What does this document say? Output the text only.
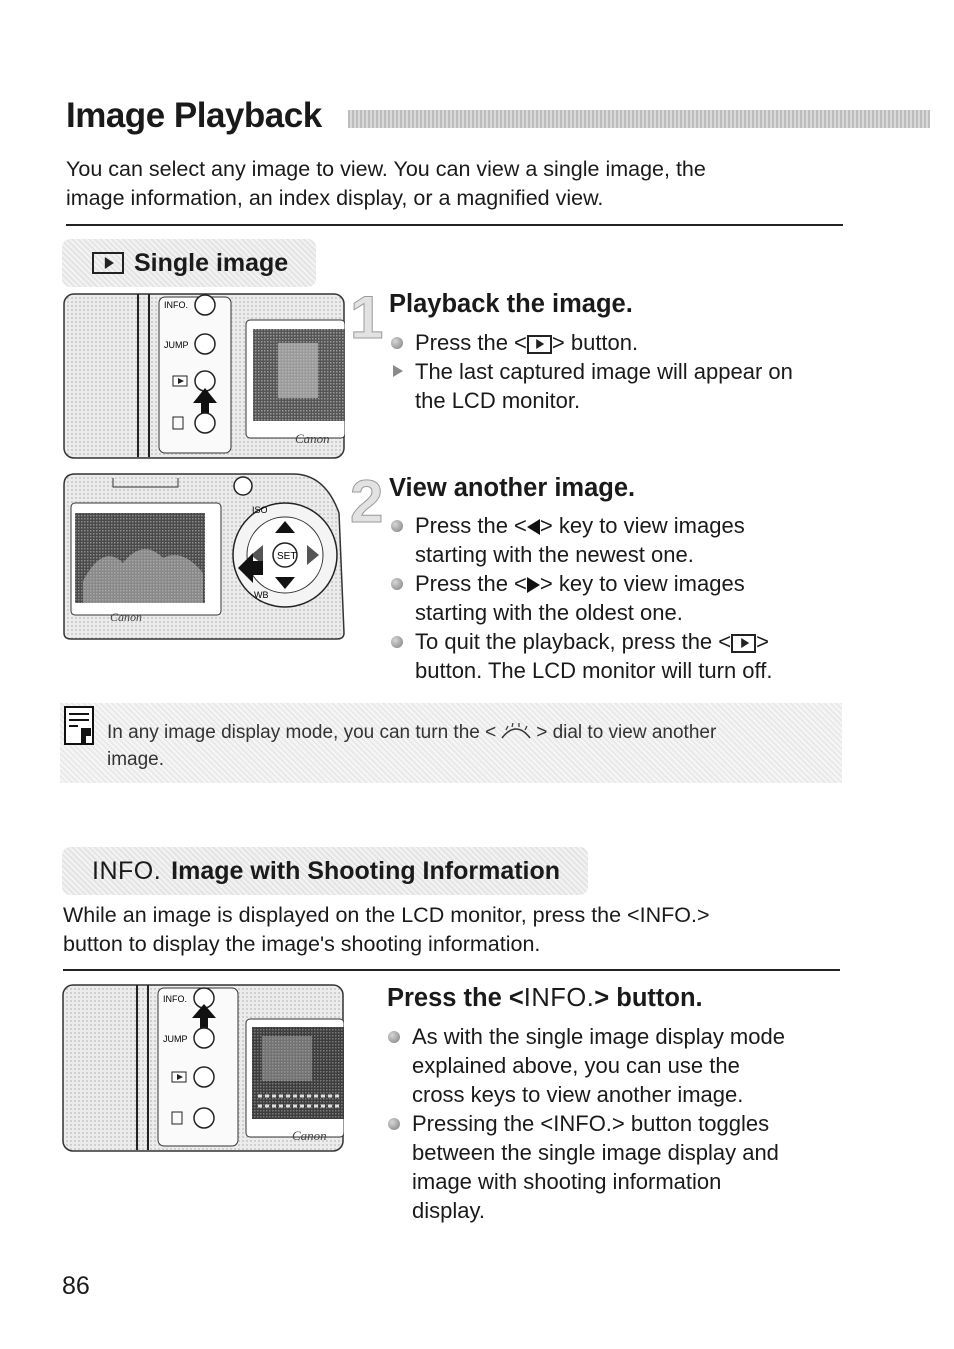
Image Playback
You can select any image to view. You can view a single image, the
image information, an index display, or a magnified view.
Single image
INFO.
JUMP
Canon
1 Playback the image.
Press the < > button.
The last captured image will appear on
the LCD monitor.
Canon
SET
ISO
WB
2 View another image.
Press the < > key to view images
starting with the newest one.
Press the < > key to view images
starting with the oldest one.
To quit the playback, press the < >
button. The LCD monitor will turn off.
In any image display mode, you can turn the < > dial to view another
image.
INFO. Image with Shooting Information
While an image is displayed on the LCD monitor, press the <INFO.>
button to display the image's shooting information.
INFO.
JUMP
Canon
Press the <INFO.> button.
As with the single image display mode
explained above, you can use the
cross keys to view another image.
Pressing the <INFO.> button toggles
between the single image display and
image with shooting information
display.
86
